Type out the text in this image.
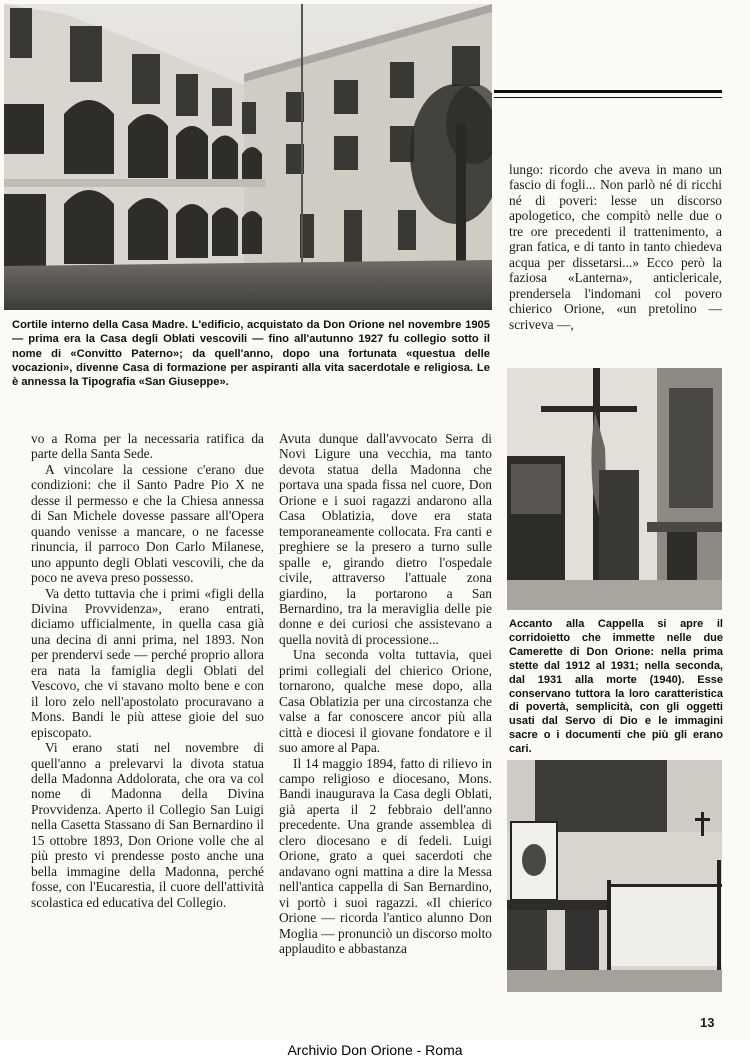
Cortile interno della Casa Madre. L'edificio, acquistato da Don Orione nel novembre 1905 — prima era la Casa degli Oblati vescovili — fino all'autunno 1927 fu collegio sotto il nome di «Convitto Paterno»; da quell'anno, dopo una fortunata «questua delle vocazioni», divenne Casa di formazione per aspiranti alla vita sacerdotale e religiosa. Le è annessa la Tipografia «San Giuseppe».

vo a Roma per la necessaria ratifica da parte della Santa Sede.

A vincolare la cessione c'erano due condizioni: che il Santo Padre Pio X ne desse il permesso e che la Chiesa annessa di San Michele dovesse passare all'Opera quando venisse a mancare, o ne facesse rinuncia, il parroco Don Carlo Milanese, uno appunto degli Oblati vescovili, che da poco ne aveva preso possesso.

Va detto tuttavia che i primi «figli della Divina Provvidenza», erano entrati, diciamo ufficialmente, in quella casa già una decina di anni prima, nel 1893. Non per prendervi sede — perché proprio allora era nata la famiglia degli Oblati del Vescovo, che vi stavano molto bene e con il loro zelo nell'apostolato procuravano a Mons. Bandi le più attese gioie del suo episcopato.

Vi erano stati nel novembre di quell'anno a prelevarvi la divota statua della Madonna Addolorata, che ora va col nome di Madonna della Divina Provvidenza. Aperto il Collegio San Luigi nella Casetta Stassano di San Bernardino il 15 ottobre 1893, Don Orione volle che al più presto vi prendesse posto anche una bella immagine della Madonna, perché fosse, con l'Eucarestia, il cuore dell'attività scolastica ed educativa del Collegio.

Avuta dunque dall'avvocato Serra di Novi Ligure una vecchia, ma tanto devota statua della Madonna che portava una spada fissa nel cuore, Don Orione e i suoi ragazzi andarono alla Casa Oblatizia, dove era stata temporaneamente collocata. Fra canti e preghiere se la presero a turno sulle spalle e, girando dietro l'ospedale civile, attraverso l'attuale zona giardino, la portarono a San Bernardino, tra la meraviglia delle pie donne e dei curiosi che assistevano a quella novità di processione...

Una seconda volta tuttavia, quei primi collegiali del chierico Orione, tornarono, qualche mese dopo, alla Casa Oblatizia per una circostanza che valse a far conoscere ancor più alla città e diocesi il giovane fondatore e il suo amore al Papa.

Il 14 maggio 1894, fatto di rilievo in campo religioso e diocesano, Mons. Bandi inaugurava la Casa degli Oblati, già aperta il 2 febbraio dell'anno precedente. Una grande assemblea di clero diocesano e di fedeli. Luigi Orione, grato a quei sacerdoti che andavano ogni mattina a dire la Messa nell'antica cappella di San Bernardino, vi portò i suoi ragazzi. «Il chierico Orione — ricorda l'antico alunno Don Moglia — pronunciò un discorso molto applaudito e abbastanza

lungo: ricordo che aveva in mano un fascio di fogli... Non parlò né di ricchi né di poveri: lesse un discorso apologetico, che compitò nelle due o tre ore precedenti il trattenimento, a gran fatica, e di tanto in tanto chiedeva acqua per dissetarsi...» Ecco però la faziosa «Lanterna», anticlericale, prendersela l'indomani col povero chierico Orione, «un pretolino — scriveva —,

Accanto alla Cappella si apre il corridoietto che immette nelle due Camerette di Don Orione: nella prima stette dal 1912 al 1931; nella seconda, dal 1931 alla morte (1940). Esse conservano tuttora la loro caratteristica di povertà, semplicità, con gli oggetti usati dal Servo di Dio e le immagini sacre o i documenti che più gli erano cari.
13
Archivio Don Orione - Roma
